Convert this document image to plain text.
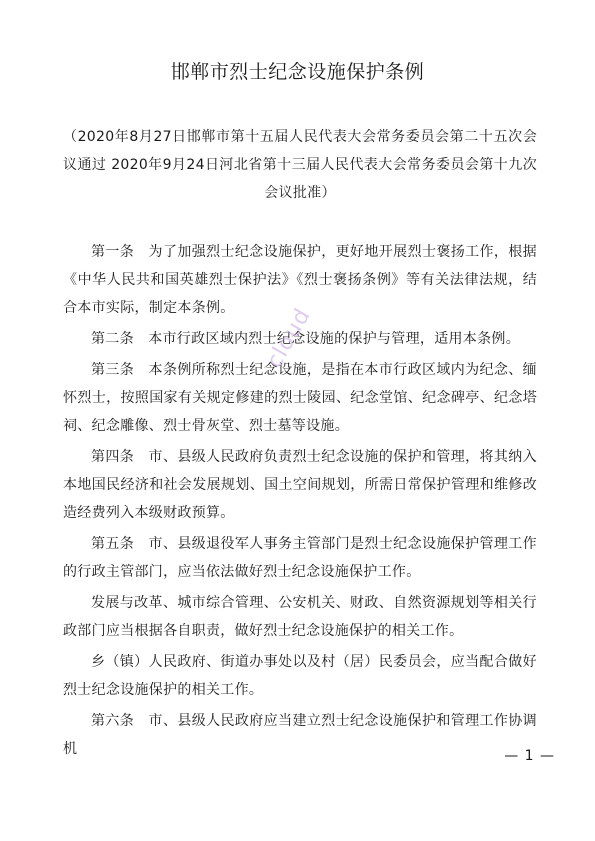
邯郸市烈士纪念设施保护条例
（2020年8月27日邯郸市第十五届人民代表大会常务委员会第二十五次会议通过 2020年9月24日河北省第十三届人民代表大会常务委员会第十九次会议批准）

第一条　为了加强烈士纪念设施保护，更好地开展烈士褒扬工作，根据《中华人民共和国英雄烈士保护法》《烈士褒扬条例》等有关法律法规，结合本市实际，制定本条例。

第二条　本市行政区域内烈士纪念设施的保护与管理，适用本条例。

第三条　本条例所称烈士纪念设施，是指在本市行政区域内为纪念、缅怀烈士，按照国家有关规定修建的烈士陵园、纪念堂馆、纪念碑亭、纪念塔祠、纪念雕像、烈士骨灰堂、烈士墓等设施。

第四条　市、县级人民政府负责烈士纪念设施的保护和管理，将其纳入本地国民经济和社会发展规划、国土空间规划，所需日常保护管理和维修改造经费列入本级财政预算。

第五条　市、县级退役军人事务主管部门是烈士纪念设施保护管理工作的行政主管部门，应当依法做好烈士纪念设施保护工作。

发展与改革、城市综合管理、公安机关、财政、自然资源规划等相关行政部门应当根据各自职责，做好烈士纪念设施保护的相关工作。

乡（镇）人民政府、街道办事处以及村（居）民委员会，应当配合做好烈士纪念设施保护的相关工作。

第六条　市、县级人民政府应当建立烈士纪念设施保护和管理工作协调机

cloud
— 1 —
